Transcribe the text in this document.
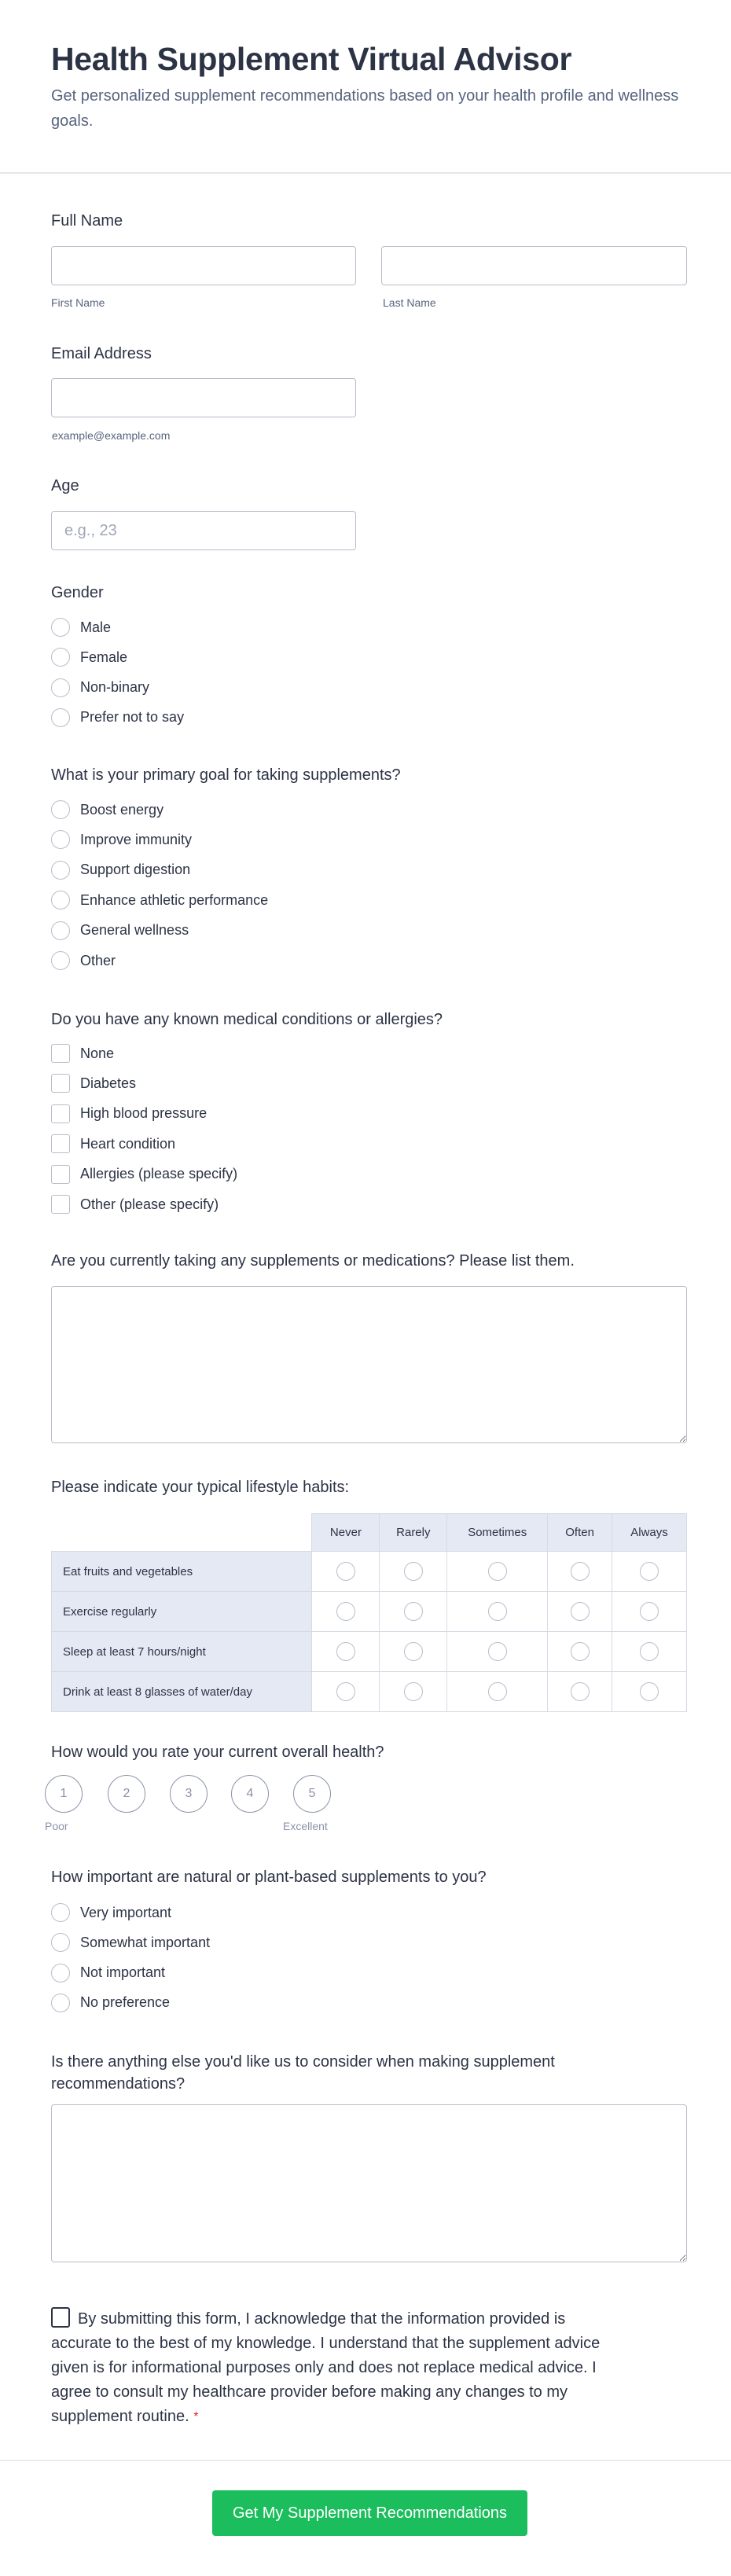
Health Supplement Virtual Advisor
Get personalized supplement recommendations based on your health profile and wellness goals.
Full Name
First Name	Last Name
Email Address
example@example.com
Age
e.g., 23
Gender
Male
Female
Non-binary
Prefer not to say
What is your primary goal for taking supplements?
Boost energy
Improve immunity
Support digestion
Enhance athletic performance
General wellness
Other
Do you have any known medical conditions or allergies?
None
Diabetes
High blood pressure
Heart condition
Allergies (please specify)
Other (please specify)
Are you currently taking any supplements or medications? Please list them.
Please indicate your typical lifestyle habits:
	Never	Rarely	Sometimes	Often	Always
Eat fruits and vegetables					
Exercise regularly					
Sleep at least 7 hours/night					
Drink at least 8 glasses of water/day					
How would you rate your current overall health?
1	2	3	4	5
Poor	Excellent
How important are natural or plant-based supplements to you?
Very important
Somewhat important
Not important
No preference
Is there anything else you'd like us to consider when making supplement recommendations?
By submitting this form, I acknowledge that the information provided is accurate to the best of my knowledge. I understand that the supplement advice given is for informational purposes only and does not replace medical advice. I agree to consult my healthcare provider before making any changes to my supplement routine. *
Get My Supplement Recommendations
